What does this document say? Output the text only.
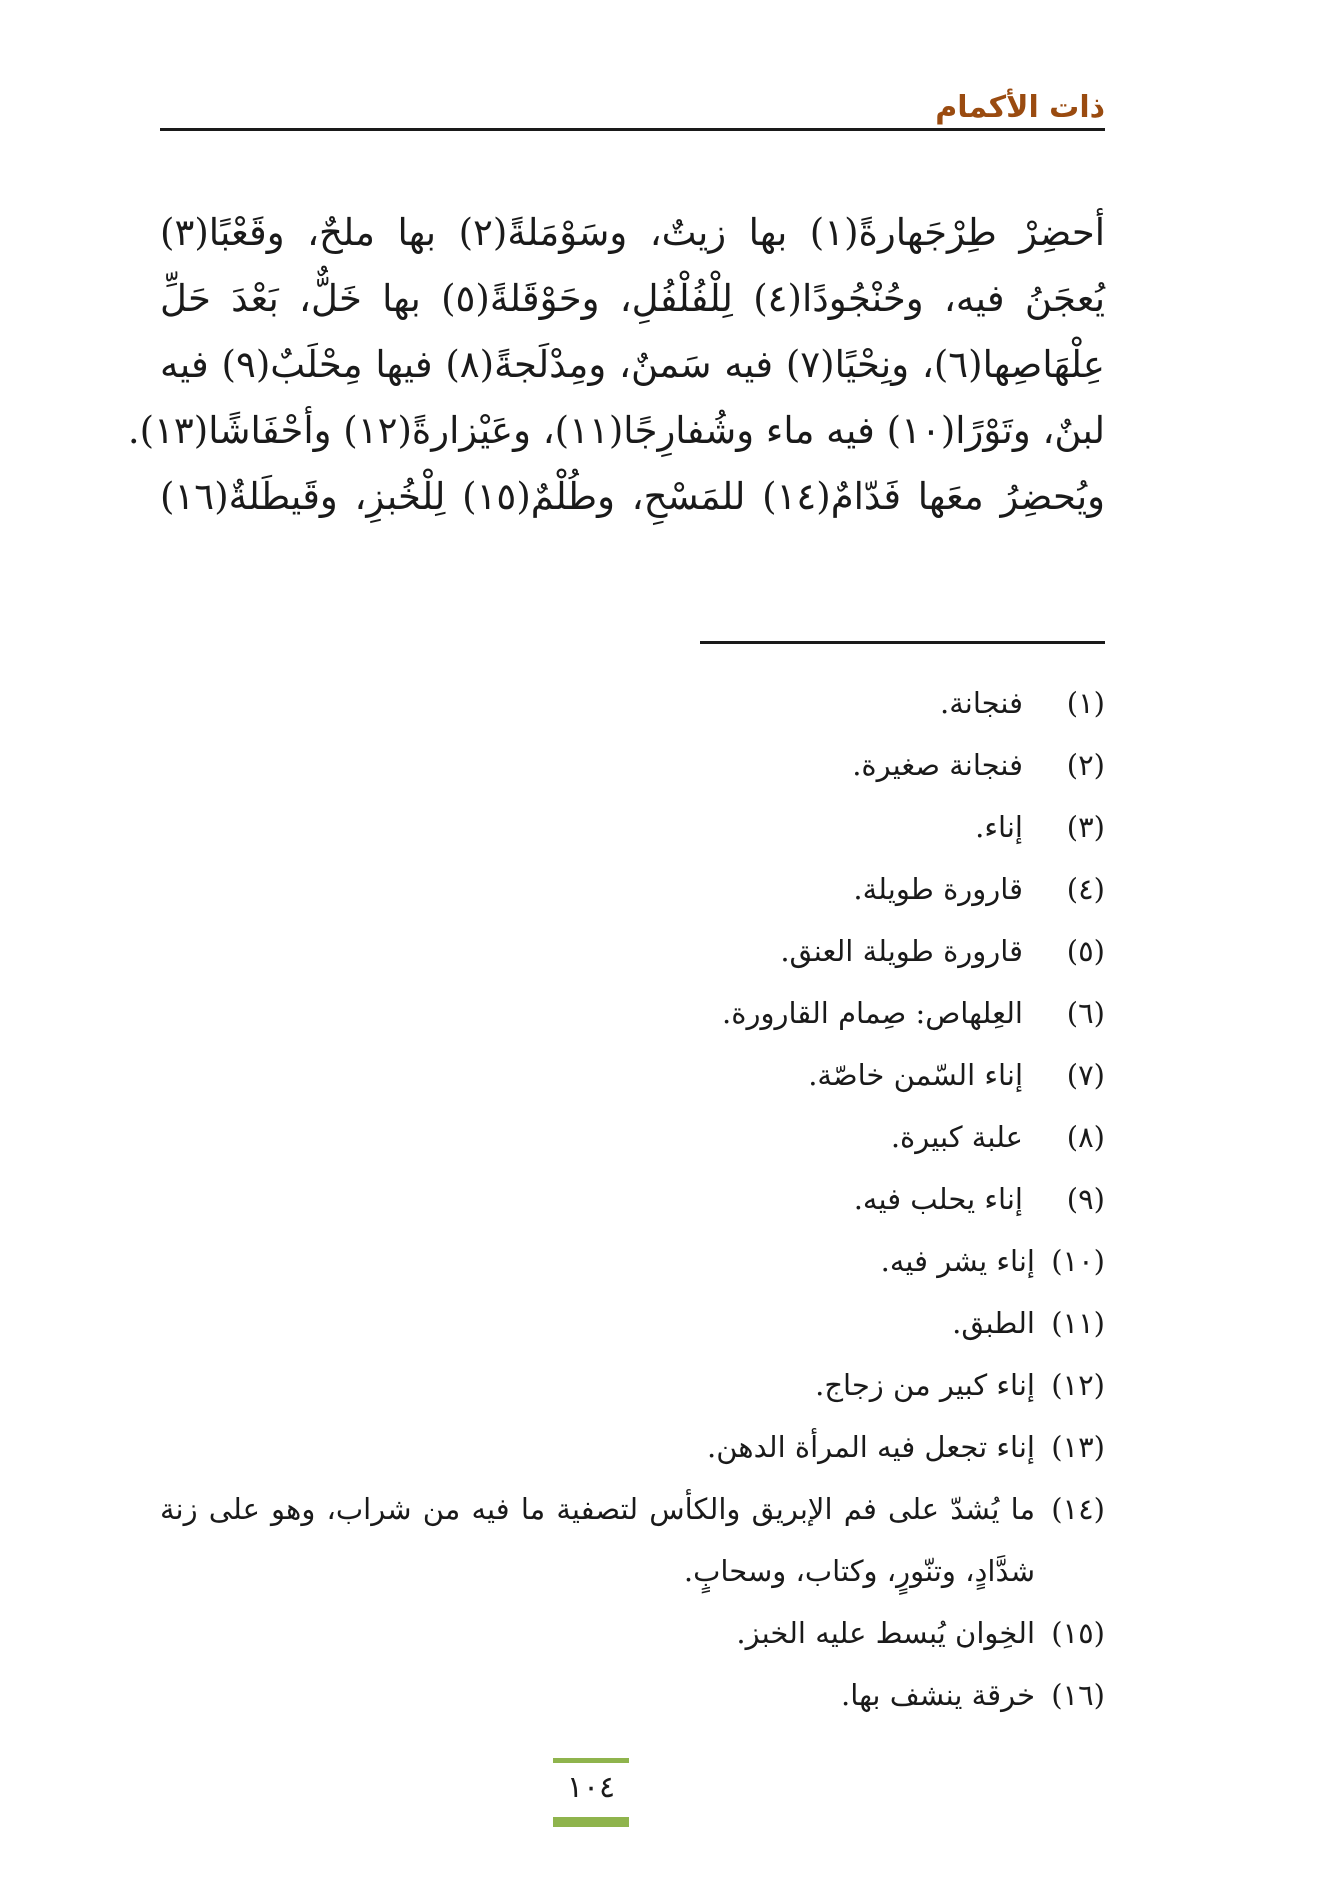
ذات الأكمام
أحضِرْ طِرْجَهارةً(١) بها زيتٌ، وسَوْمَلةً(٢) بها ملحٌ، وقَعْبًا(٣)
يُعجَنُ فيه، وحُنْجُودًا(٤) لِلْفُلْفُلِ، وحَوْقَلةً(٥) بها خَلٌّ، بَعْدَ حَلِّ
عِلْهَاصِها(٦)، ونِحْيًا(٧) فيه سَمنٌ، ومِدْلَجةً(٨) فيها مِحْلَبٌ(٩) فيه
لبنٌ، وتَوْرًا(١٠) فيه ماء وشُفارِجًا(١١)، وعَيْزارةً(١٢) وأحْفَاشًا(١٣).
ويُحضِرُ معَها فَدّامٌ(١٤) للمَسْحِ، وطُلْمٌ(١٥) لِلْخُبزِ، وقَيطَلةٌ(١٦)
(١)
فنجانة.
(٢)
فنجانة صغيرة.
(٣)
إناء.
(٤)
قارورة طويلة.
(٥)
قارورة طويلة العنق.
(٦)
العِلهاص: صِمام القارورة.
(٧)
إناء السّمن خاصّة.
(٨)
علبة كبيرة.
(٩)
إناء يحلب فيه.
(١٠)
إناء يشر فيه.
(١١)
الطبق.
(١٢)
إناء كبير من زجاج.
(١٣)
إناء تجعل فيه المرأة الدهن.
(١٤)
ما يُشدّ على فم الإبريق والكأس لتصفية ما فيه من شراب، وهو على زنة شدَّادٍ، وتنّورٍ، وكتاب، وسحابٍ.
(١٥)
الخِوان يُبسط عليه الخبز.
(١٦)
خرقة ينشف بها.
١٠٤
